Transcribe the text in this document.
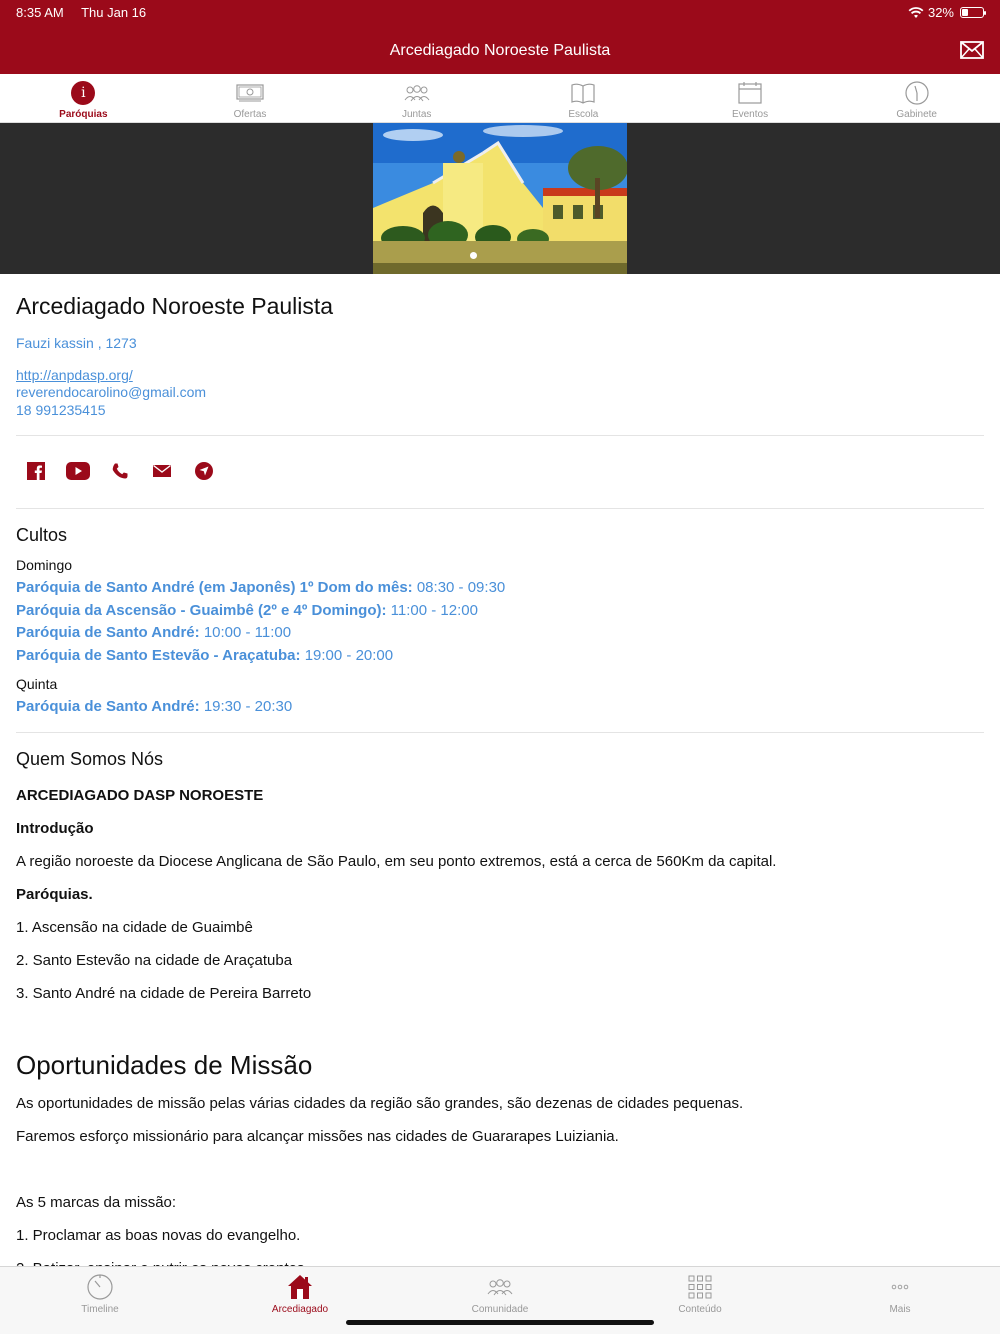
8:35 AM Thu Jan 16	32%
Arcediagado Noroeste Paulista
i
Paróquias	Ofertas	Juntas	Escola	Eventos	Gabinete
Arcediagado Noroeste Paulista
Fauzi kassin , 1273
http://anpdasp.org/
reverendocarolino@gmail.com
18 991235415
Cultos
Domingo
Paróquia de Santo André (em Japonês) 1º Dom do mês: 08:30 - 09:30
Paróquia da Ascensão - Guaimbê (2º e 4º Domingo): 11:00 - 12:00
Paróquia de Santo André: 10:00 - 11:00
Paróquia de Santo Estevão - Araçatuba: 19:00 - 20:00
Quinta
Paróquia de Santo André: 19:30 - 20:30
Quem Somos Nós
ARCEDIAGADO DASP NOROESTE
Introdução
A região noroeste da Diocese Anglicana de São Paulo, em seu ponto extremos, está a cerca de 560Km da capital.
Paróquias.
1. Ascensão na cidade de Guaimbê
2. Santo Estevão na cidade de Araçatuba
3. Santo André na cidade de Pereira Barreto
Oportunidades de Missão
As oportunidades de missão pelas várias cidades da região são grandes, são dezenas de cidades pequenas.
Faremos esforço missionário para alcançar missões nas cidades de Guararapes Luiziania.
As 5 marcas da missão:
1. Proclamar as boas novas do evangelho.
Timeline	Arcediagado	Comunidade	Conteúdo	Mais
